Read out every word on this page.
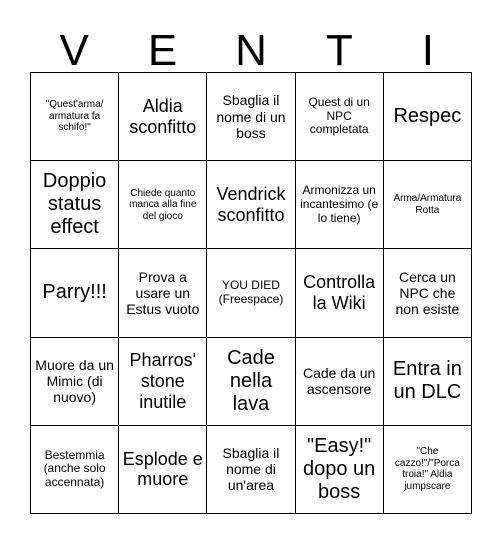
V	E	N	T	I
"Quest'arma/ armatura fa schifo!"	Aldia sconfitto	Sbaglia il nome di un boss	Quest di un NPC completata	Respec
Doppio status effect	Chiede quanto manca alla fine del gioco	Vendrick sconfitto	Armonizza un incantesimo (e lo tiene)	Arma/Armatura Rotta
Parry!!!	Prova a usare un Estus vuoto	YOU DIED (Freespace)	Controlla la Wiki	Cerca un NPC che non esiste
Muore da un Mimic (di nuovo)	Pharros' stone inutile	Cade nella lava	Cade da un ascensore	Entra in un DLC
Bestemmia (anche solo accennata)	Esplode e muore	Sbaglia il nome di un'area	"Easy!" dopo un boss	"Che cazzo!"/"Porca troia!" Aldia jumpscare
